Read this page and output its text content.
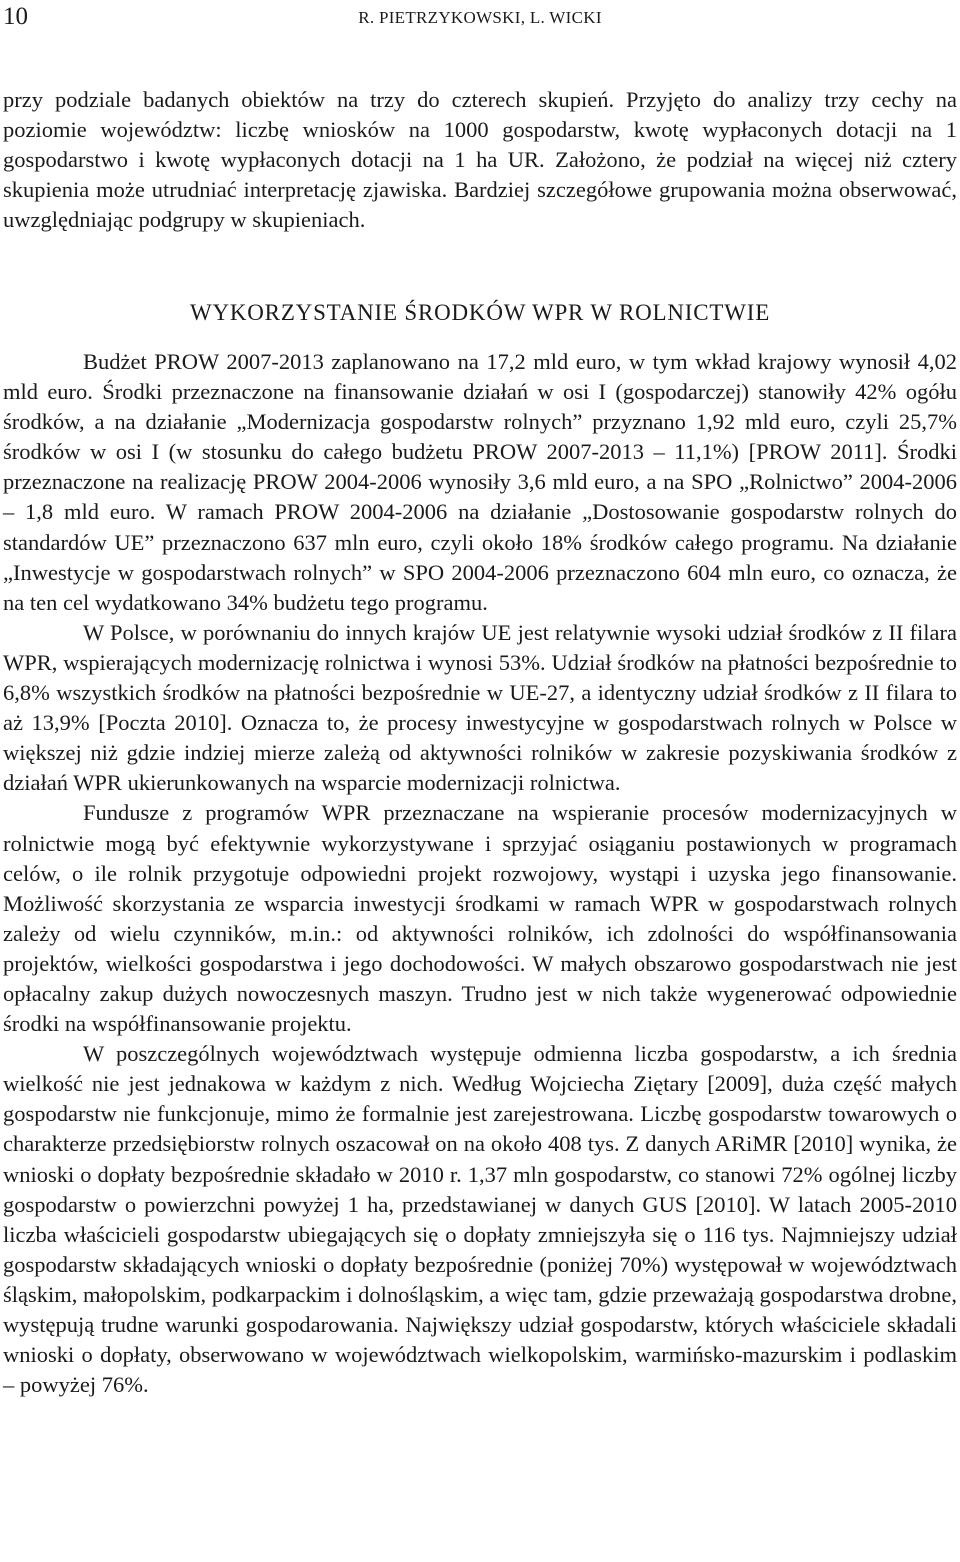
10	R. PIETRZYKOWSKI, L. WICKI

przy podziale badanych obiektów na trzy do czterech skupień. Przyjęto do analizy trzy cechy na poziomie województw: liczbę wniosków na 1000 gospodarstw, kwotę wypłaconych dotacji na 1 gospodarstwo i kwotę wypłaconych dotacji na 1 ha UR. Założono, że podział na więcej niż cztery skupienia może utrudniać interpretację zjawiska. Bardziej szczegółowe grupowania można obserwować, uwzględniając podgrupy w skupieniach.

WYKORZYSTANIE ŚRODKÓW WPR W ROLNICTWIE

Budżet PROW 2007-2013 zaplanowano na 17,2 mld euro, w tym wkład krajowy wynosił 4,02 mld euro. Środki przeznaczone na finansowanie działań w osi I (gospodarczej) stanowiły 42% ogółu środków, a na działanie „Modernizacja gospodarstw rolnych” przyznano 1,92 mld euro, czyli 25,7% środków w osi I (w stosunku do całego budżetu PROW 2007-2013 – 11,1%) [PROW 2011]. Środki przeznaczone na realizację PROW 2004-2006 wynosiły 3,6 mld euro, a na SPO „Rolnictwo” 2004-2006 – 1,8 mld euro. W ramach PROW 2004-2006 na działanie „Dostosowanie gospodarstw rolnych do standardów UE” przeznaczono 637 mln euro, czyli około 18% środków całego programu. Na działanie „Inwestycje w gospodarstwach rolnych” w SPO 2004-2006 przeznaczono 604 mln euro, co oznacza, że na ten cel wydatkowano 34% budżetu tego programu.

W Polsce, w porównaniu do innych krajów UE jest relatywnie wysoki udział środków z II filara WPR, wspierających modernizację rolnictwa i wynosi 53%. Udział środków na płatności bezpośrednie to 6,8% wszystkich środków na płatności bezpośrednie w UE-27, a identyczny udział środków z II filara to aż 13,9% [Poczta 2010]. Oznacza to, że procesy inwestycyjne w gospodarstwach rolnych w Polsce w większej niż gdzie indziej mierze zależą od aktywności rolników w zakresie pozyskiwania środków z działań WPR ukierunkowanych na wsparcie modernizacji rolnictwa.

Fundusze z programów WPR przeznaczane na wspieranie procesów modernizacyjnych w rolnictwie mogą być efektywnie wykorzystywane i sprzyjać osiąganiu postawionych w programach celów, o ile rolnik przygotuje odpowiedni projekt rozwojowy, wystąpi i uzyska jego finansowanie. Możliwość skorzystania ze wsparcia inwestycji środkami w ramach WPR w gospodarstwach rolnych zależy od wielu czynników, m.in.: od aktywności rolników, ich zdolności do współfinansowania projektów, wielkości gospodarstwa i jego dochodowości. W małych obszarowo gospodarstwach nie jest opłacalny zakup dużych nowoczesnych maszyn. Trudno jest w nich także wygenerować odpowiednie środki na współfinansowanie projektu.

W poszczególnych województwach występuje odmienna liczba gospodarstw, a ich średnia wielkość nie jest jednakowa w każdym z nich. Według Wojciecha Ziętary [2009], duża część małych gospodarstw nie funkcjonuje, mimo że formalnie jest zarejestrowana. Liczbę gospodarstw towarowych o charakterze przedsiębiorstw rolnych oszacował on na około 408 tys. Z danych ARiMR [2010] wynika, że wnioski o dopłaty bezpośrednie składało w 2010 r. 1,37 mln gospodarstw, co stanowi 72% ogólnej liczby gospodarstw o powierzchni powyżej 1 ha, przedstawianej w danych GUS [2010]. W latach 2005-2010 liczba właścicieli gospodarstw ubiegających się o dopłaty zmniejszyła się o 116 tys. Najmniejszy udział gospodarstw składających wnioski o dopłaty bezpośrednie (poniżej 70%) występował w województwach śląskim, małopolskim, podkarpackim i dolnośląskim, a więc tam, gdzie przeważają gospodarstwa drobne, występują trudne warunki gospodarowania. Największy udział gospodarstw, których właściciele składali wnioski o dopłaty, obserwowano w województwach wielkopolskim, warmińsko-mazurskim i podlaskim – powyżej 76%.
